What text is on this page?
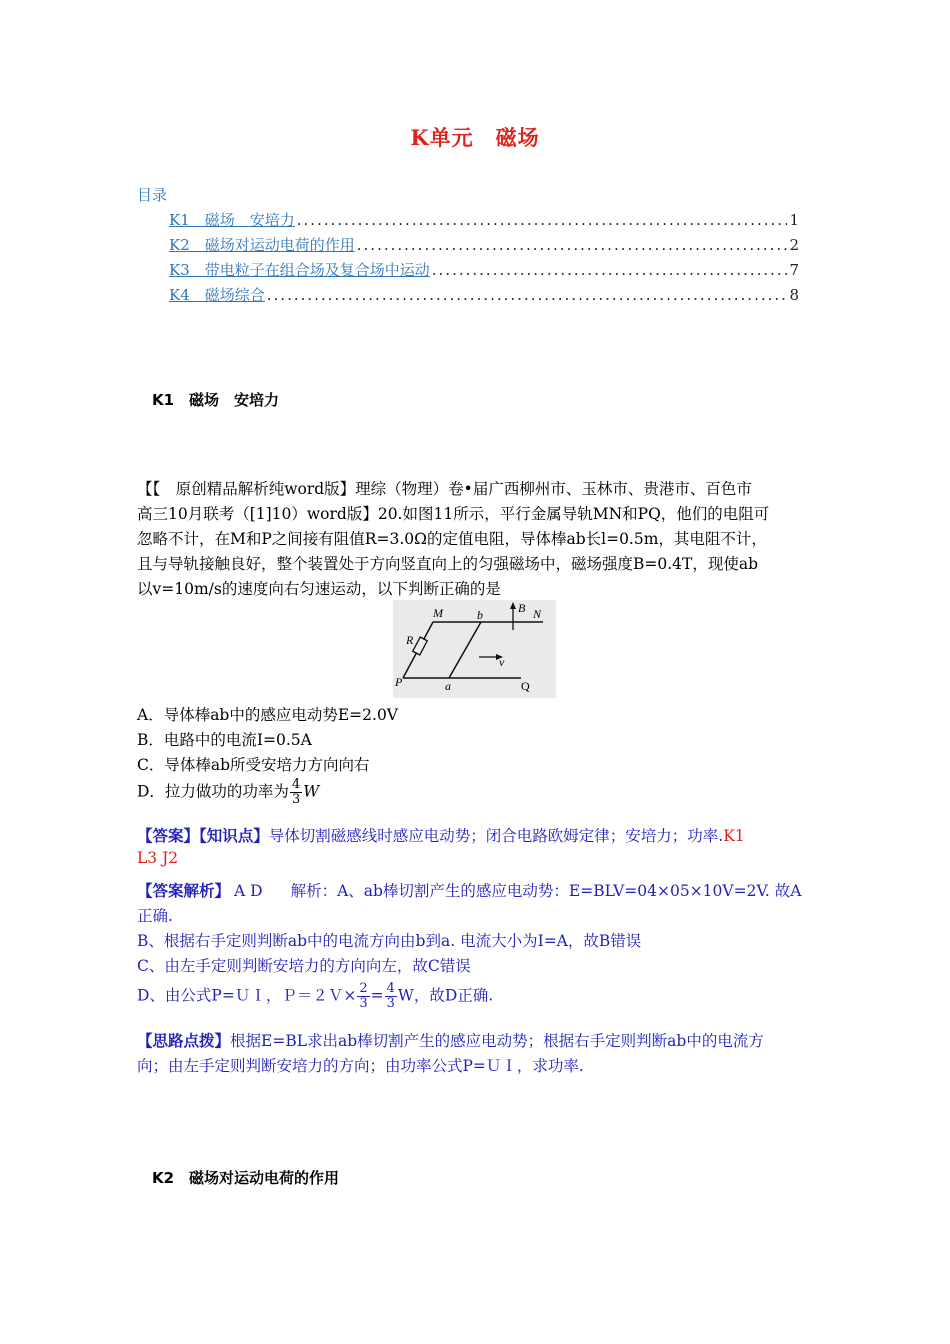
K单元　磁场
目录
K1　磁场　安培力 .....	1
K2　磁场对运动电荷的作用 .....	2
K3　带电粒子在组合场及复合场中运动 .....	7
K4　磁场综合 .....	8
K1　磁场　安培力
【【　原创精品解析纯word版】理综（物理）卷•届广西柳州市、玉林市、贵港市、百色市
高三10月联考（[1]10）word版】20.如图11所示，平行金属导轨MN和PQ，他们的电阻可
忽略不计，在M和P之间接有阻值R=3.0Ω的定值电阻，导体棒ab长l=0.5m，其电阻不计，
且与导轨接触良好，整个装置处于方向竖直向上的匀强磁场中，磁场强度B=0.4T，现使ab
以v=10m/s的速度向右匀速运动，以下判断正确的是
M	b	B N
R
v
P	a	Q
A．导体棒ab中的感应电动势E=2.0V
B．电路中的电流I=0.5A
C．导体棒ab所受安培力方向向右
D．拉力做功的功率为 $\frac{4}{3}$ W
【答案】【知识点】导体切割磁感线时感应电动势；闭合电路欧姆定律；安培力；功率.K1
L3 J2
【答案解析】 A D 解析：A、ab棒切割产生的感应电动势：E=BLV=04×05×10V=2V. 故A
正确.
B、根据右手定则判断ab中的电流方向由b到a. 电流大小为I=A，故B错误
C、由左手定则判断安培力的方向向左，故C错误
D、由公式P=ＵＩ，Ｐ＝２Ｖ× $\frac{2}{3} = \frac{4}{3}$ W，故D正确.
【思路点拨】根据E=BL求出ab棒切割产生的感应电动势；根据右手定则判断ab中的电流方
向；由左手定则判断安培力的方向；由功率公式P=ＵＩ，求功率.
K2　磁场对运动电荷的作用
